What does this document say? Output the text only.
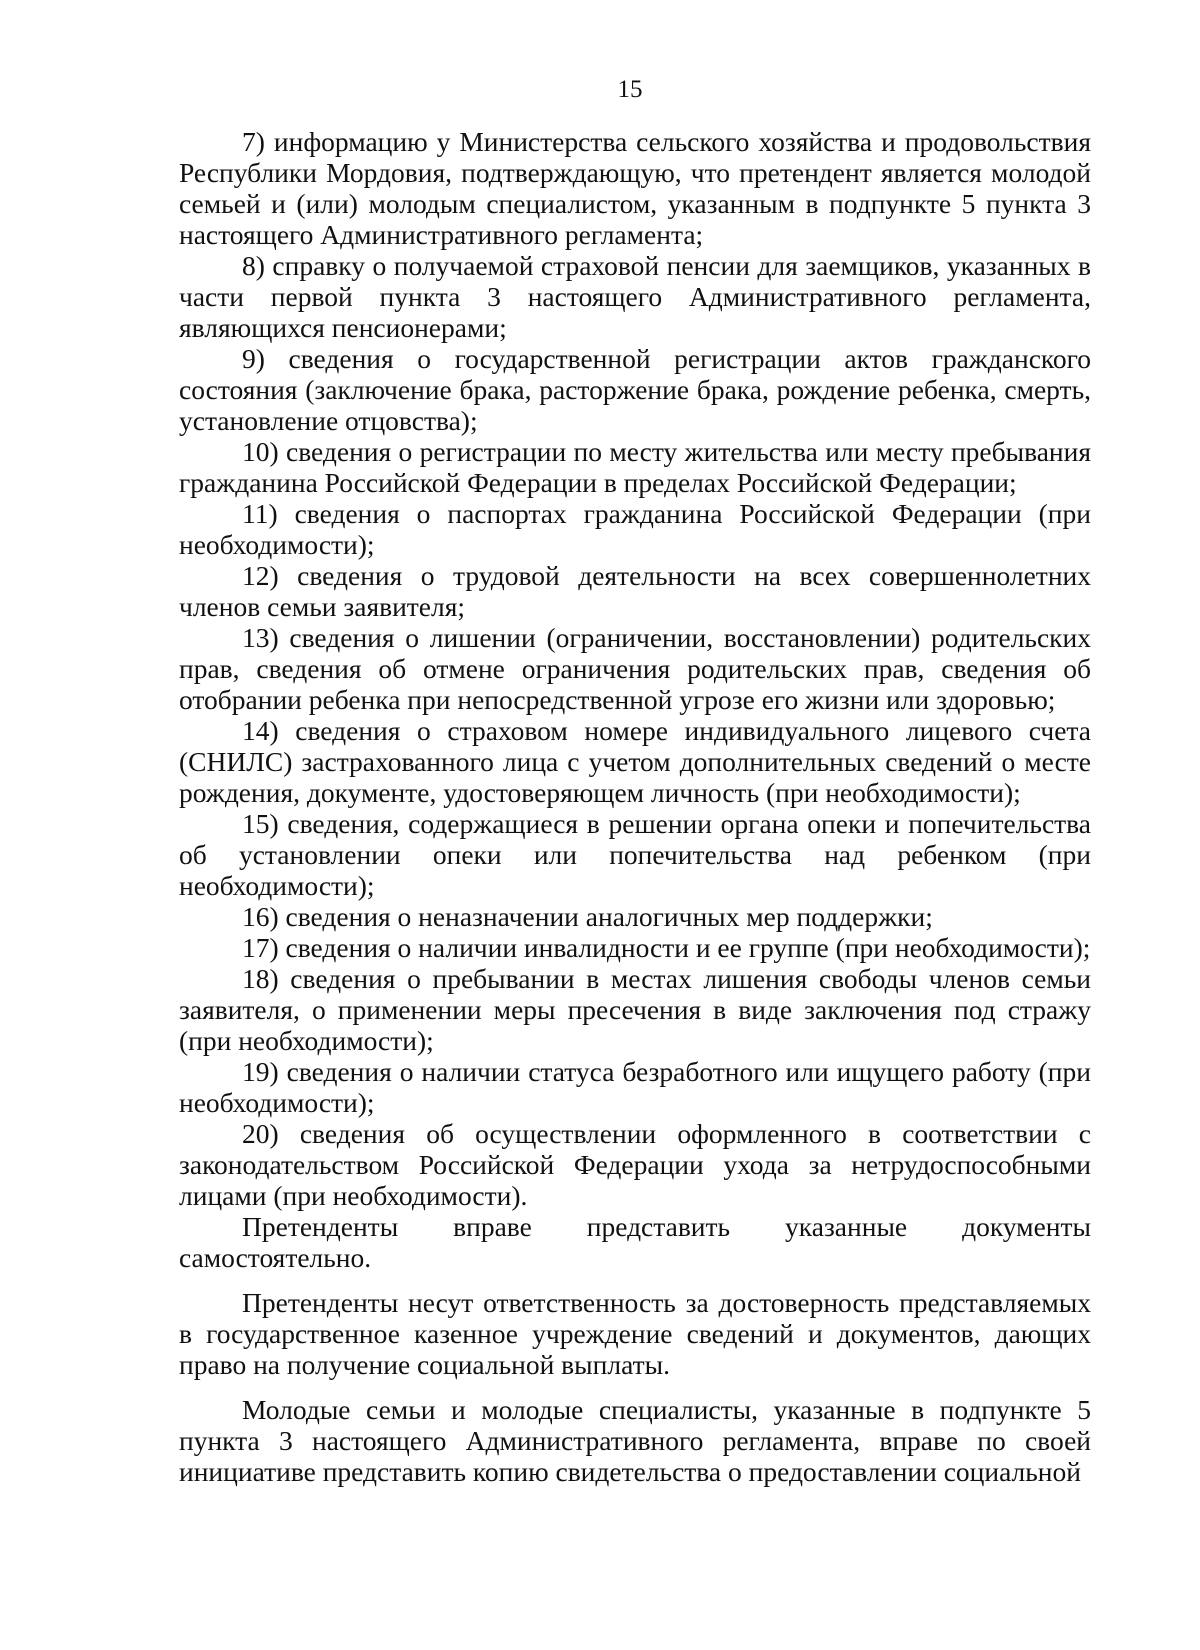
15

7) информацию у Министерства сельского хозяйства и продовольствия Республики Мордовия, подтверждающую, что претендент является молодой семьей и (или) молодым специалистом, указанным в подпункте 5 пункта 3 настоящего Административного регламента;

8) справку о получаемой страховой пенсии для заемщиков, указанных в части первой пункта 3 настоящего Административного регламента, являющихся пенсионерами;

9) сведения о государственной регистрации актов гражданского состояния (заключение брака, расторжение брака, рождение ребенка, смерть, установление отцовства);

10) сведения о регистрации по месту жительства или месту пребывания гражданина Российской Федерации в пределах Российской Федерации;

11) сведения о паспортах гражданина Российской Федерации (при необходимости);

12) сведения о трудовой деятельности на всех совершеннолетних членов семьи заявителя;

13) сведения о лишении (ограничении, восстановлении) родительских прав, сведения об отмене ограничения родительских прав, сведения об отобрании ребенка при непосредственной угрозе его жизни или здоровью;

14) сведения о страховом номере индивидуального лицевого счета (СНИЛС) застрахованного лица с учетом дополнительных сведений о месте рождения, документе, удостоверяющем личность (при необходимости);

15) сведения, содержащиеся в решении органа опеки и попечительства об установлении опеки или попечительства над ребенком (при необходимости);

16) сведения о неназначении аналогичных мер поддержки;

17) сведения о наличии инвалидности и ее группе (при необходимости);

18) сведения о пребывании в местах лишения свободы членов семьи заявителя, о применении меры пресечения в виде заключения под стражу (при необходимости);

19) сведения о наличии статуса безработного или ищущего работу (при необходимости);

20) сведения об осуществлении оформленного в соответствии с законодательством Российской Федерации ухода за нетрудоспособными лицами (при необходимости).

Претенденты вправе представить указанные документы самостоятельно.

Претенденты несут ответственность за достоверность представляемых в государственное казенное учреждение сведений и документов, дающих право на получение социальной выплаты.

Молодые семьи и молодые специалисты, указанные в подпункте 5 пункта 3 настоящего Административного регламента, вправе по своей инициативе представить копию свидетельства о предоставлении социальной
